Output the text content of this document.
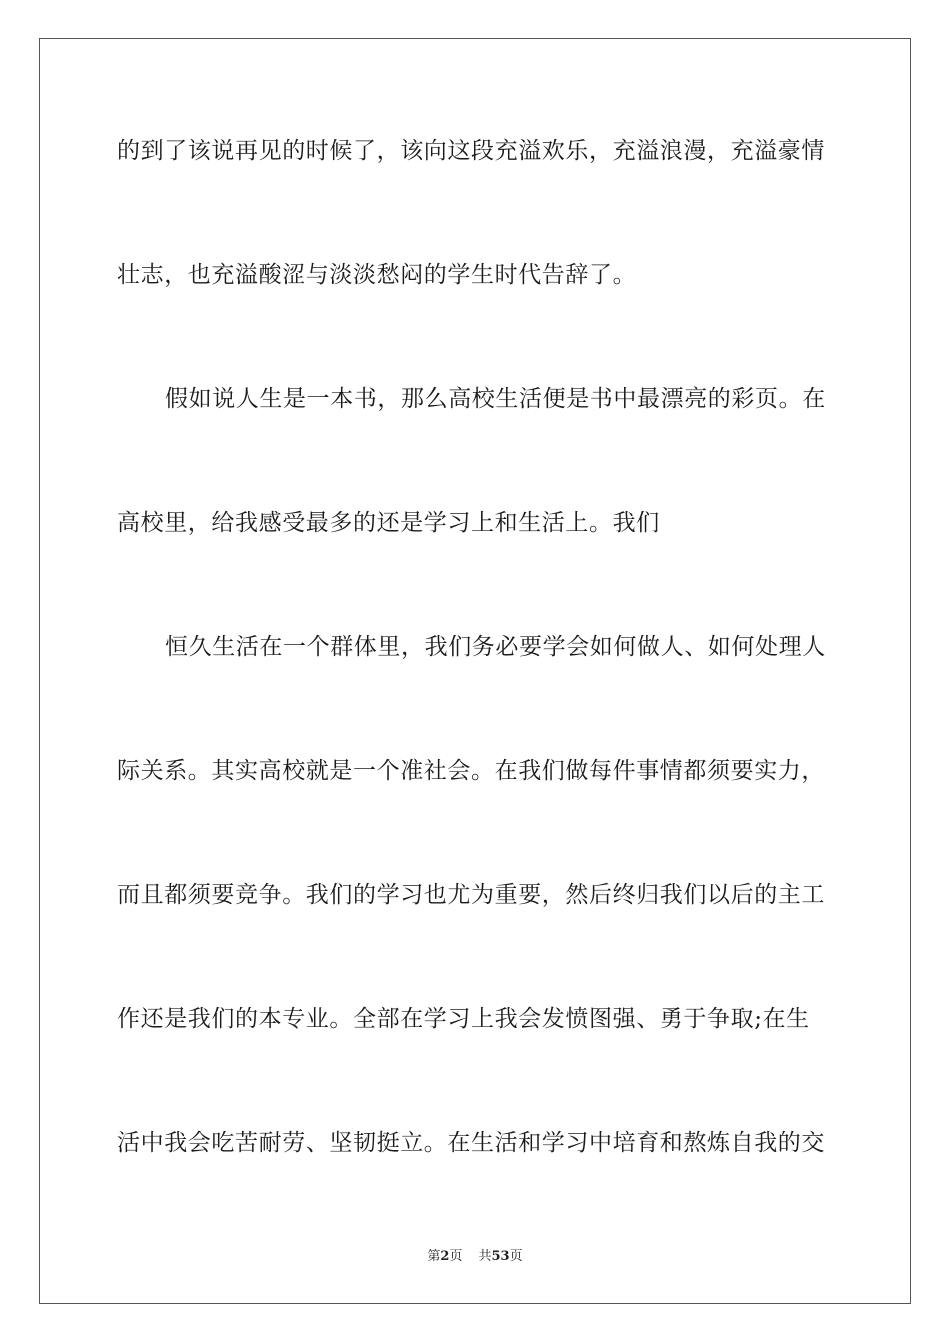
的到了该说再见的时候了，该向这段充溢欢乐，充溢浪漫，充溢豪情
壮志，也充溢酸涩与淡淡愁闷的学生时代告辞了。
假如说人生是一本书，那么高校生活便是书中最漂亮的彩页。在
高校里，给我感受最多的还是学习上和生活上。我们
恒久生活在一个群体里，我们务必要学会如何做人、如何处理人
际关系。其实高校就是一个准社会。在我们做每件事情都须要实力，
而且都须要竞争。我们的学习也尤为重要，然后终归我们以后的主工
作还是我们的本专业。全部在学习上我会发愤图强、勇于争取;在生
活中我会吃苦耐劳、坚韧挺立。在生活和学习中培育和熬炼自我的交
第2页 共53页
